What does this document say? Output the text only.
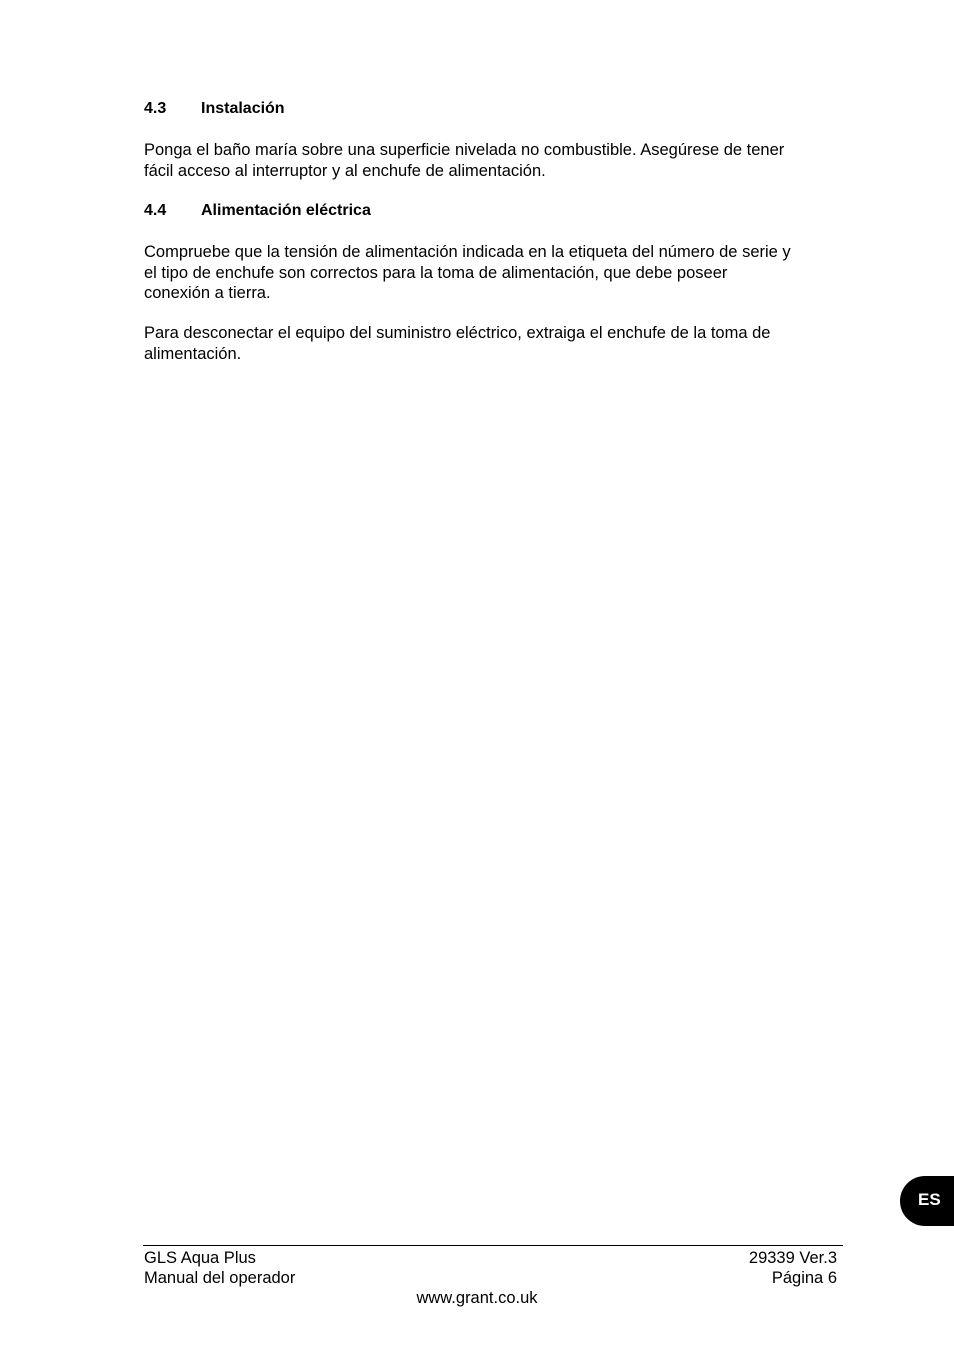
4.3 Instalación

Ponga el baño maría sobre una superficie nivelada no combustible. Asegúrese de tener
fácil acceso al interruptor y al enchufe de alimentación.

4.4 Alimentación eléctrica

Compruebe que la tensión de alimentación indicada en la etiqueta del número de serie y
el tipo de enchufe son correctos para la toma de alimentación, que debe poseer
conexión a tierra.

Para desconectar el equipo del suministro eléctrico, extraiga el enchufe de la toma de
alimentación.

ES
GLS Aqua Plus
Manual del operador
29339 Ver.3
Página 6
www.grant.co.uk
